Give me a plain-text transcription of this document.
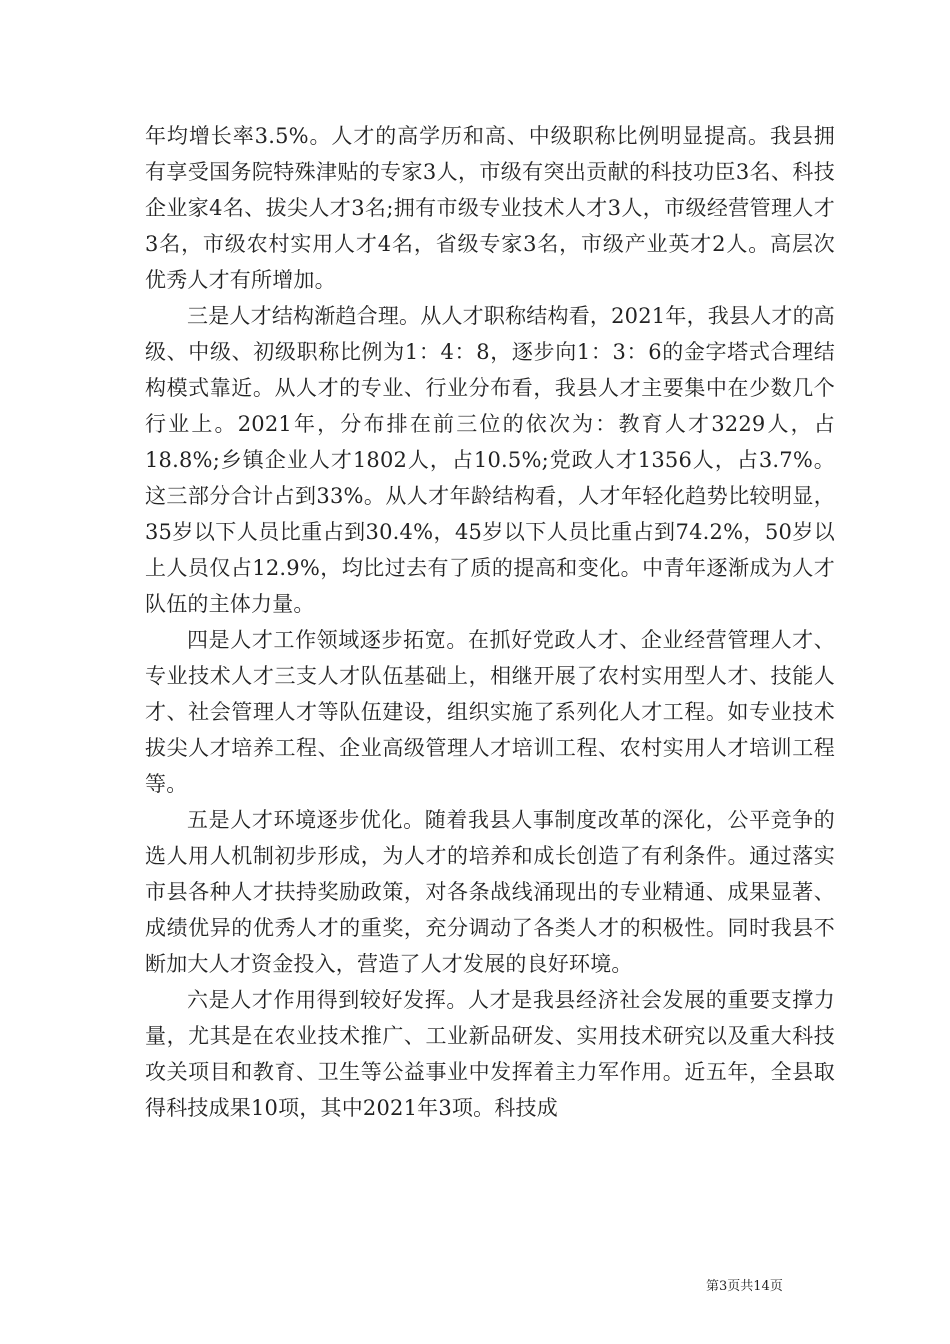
年均增长率3.5%。人才的高学历和高、中级职称比例明显提高。我县拥有享受国务院特殊津贴的专家3人，市级有突出贡献的科技功臣3名、科技企业家4名、拔尖人才3名;拥有市级专业技术人才3人，市级经营管理人才3名，市级农村实用人才4名，省级专家3名，市级产业英才2人。高层次优秀人才有所增加。

三是人才结构渐趋合理。从人才职称结构看，2021年，我县人才的高级、中级、初级职称比例为1：4：8，逐步向1：3：6的金字塔式合理结构模式靠近。从人才的专业、行业分布看，我县人才主要集中在少数几个行业上。2021年，分布排在前三位的依次为：教育人才3229人，占18.8%;乡镇企业人才1802人，占10.5%;党政人才1356人，占3.7%。这三部分合计占到33%。从人才年龄结构看，人才年轻化趋势比较明显，35岁以下人员比重占到30.4%，45岁以下人员比重占到74.2%，50岁以上人员仅占12.9%，均比过去有了质的提高和变化。中青年逐渐成为人才队伍的主体力量。

四是人才工作领域逐步拓宽。在抓好党政人才、企业经营管理人才、专业技术人才三支人才队伍基础上，相继开展了农村实用型人才、技能人才、社会管理人才等队伍建设，组织实施了系列化人才工程。如专业技术拔尖人才培养工程、企业高级管理人才培训工程、农村实用人才培训工程等。

五是人才环境逐步优化。随着我县人事制度改革的深化，公平竞争的选人用人机制初步形成，为人才的培养和成长创造了有利条件。通过落实市县各种人才扶持奖励政策，对各条战线涌现出的专业精通、成果显著、成绩优异的优秀人才的重奖，充分调动了各类人才的积极性。同时我县不断加大人才资金投入，营造了人才发展的良好环境。

六是人才作用得到较好发挥。人才是我县经济社会发展的重要支撑力量，尤其是在农业技术推广、工业新品研发、实用技术研究以及重大科技攻关项目和教育、卫生等公益事业中发挥着主力军作用。近五年，全县取得科技成果10项，其中2021年3项。科技成

第3页共14页
